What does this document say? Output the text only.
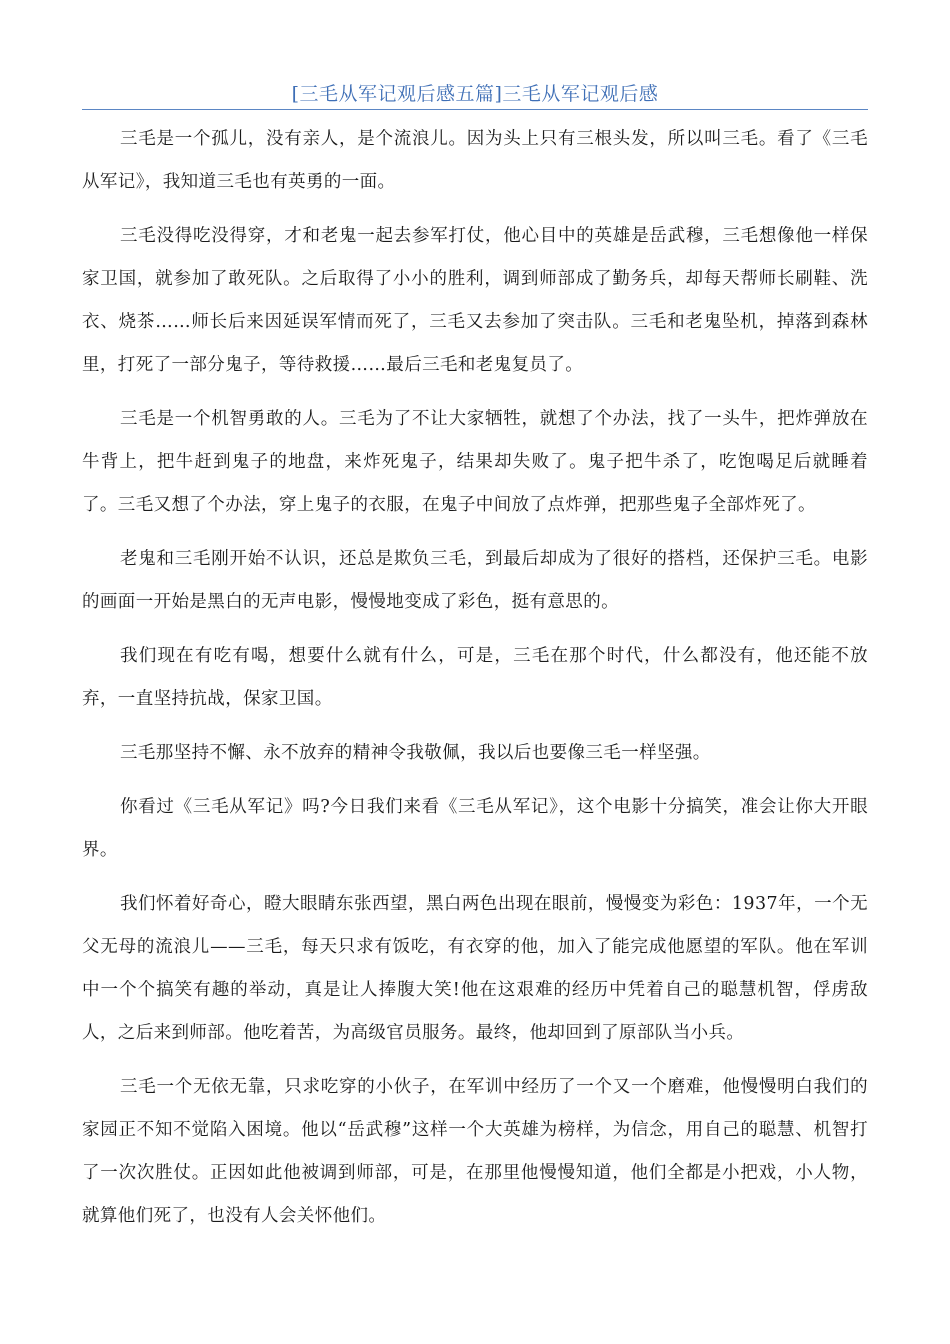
[三毛从军记观后感五篇]三毛从军记观后感

三毛是一个孤儿，没有亲人，是个流浪儿。因为头上只有三根头发，所以叫三毛。看了《三毛从军记》，我知道三毛也有英勇的一面。

三毛没得吃没得穿，才和老鬼一起去参军打仗，他心目中的英雄是岳武穆，三毛想像他一样保家卫国，就参加了敢死队。之后取得了小小的胜利，调到师部成了勤务兵，却每天帮师长刷鞋、洗衣、烧茶……师长后来因延误军情而死了，三毛又去参加了突击队。三毛和老鬼坠机，掉落到森林里，打死了一部分鬼子，等待救援……最后三毛和老鬼复员了。

三毛是一个机智勇敢的人。三毛为了不让大家牺牲，就想了个办法，找了一头牛，把炸弹放在牛背上，把牛赶到鬼子的地盘，来炸死鬼子，结果却失败了。鬼子把牛杀了，吃饱喝足后就睡着了。三毛又想了个办法，穿上鬼子的衣服，在鬼子中间放了点炸弹，把那些鬼子全部炸死了。

老鬼和三毛刚开始不认识，还总是欺负三毛，到最后却成为了很好的搭档，还保护三毛。电影的画面一开始是黑白的无声电影，慢慢地变成了彩色，挺有意思的。

我们现在有吃有喝，想要什么就有什么，可是，三毛在那个时代，什么都没有，他还能不放弃，一直坚持抗战，保家卫国。

三毛那坚持不懈、永不放弃的精神令我敬佩，我以后也要像三毛一样坚强。

你看过《三毛从军记》吗?今日我们来看《三毛从军记》，这个电影十分搞笑，准会让你大开眼界。

我们怀着好奇心，瞪大眼睛东张西望，黑白两色出现在眼前，慢慢变为彩色：1937年，一个无父无母的流浪儿——三毛，每天只求有饭吃，有衣穿的他，加入了能完成他愿望的军队。他在军训中一个个搞笑有趣的举动，真是让人捧腹大笑!他在这艰难的经历中凭着自己的聪慧机智，俘虏敌人，之后来到师部。他吃着苦，为高级官员服务。最终，他却回到了原部队当小兵。

三毛一个无依无靠，只求吃穿的小伙子，在军训中经历了一个又一个磨难，他慢慢明白我们的家园正不知不觉陷入困境。他以“岳武穆”这样一个大英雄为榜样，为信念，用自己的聪慧、机智打了一次次胜仗。正因如此他被调到师部，可是，在那里他慢慢知道，他们全都是小把戏，小人物，就算他们死了，也没有人会关怀他们。
